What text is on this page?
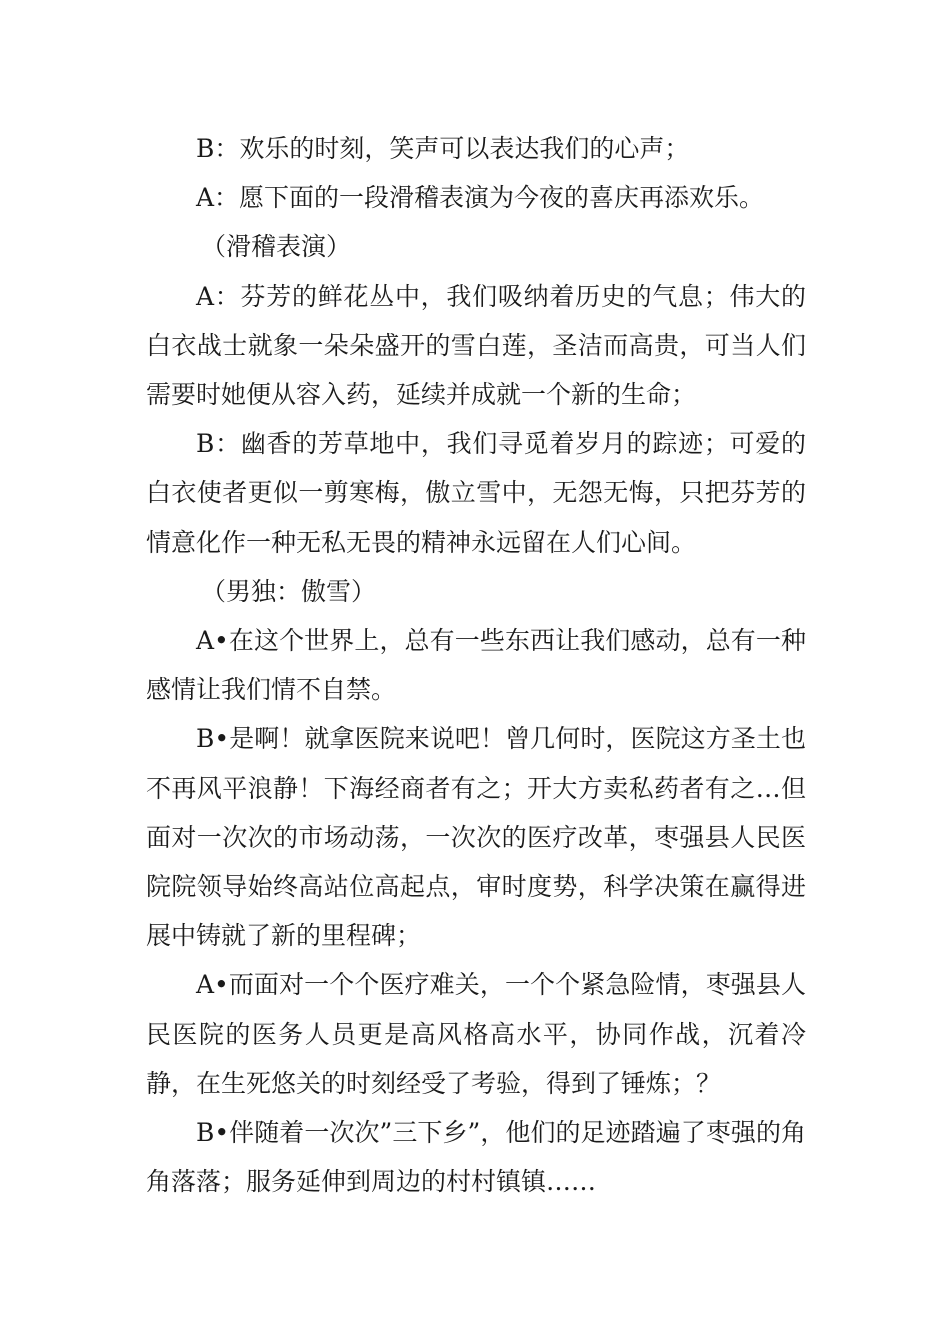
B：欢乐的时刻，笑声可以表达我们的心声；

A：愿下面的一段滑稽表演为今夜的喜庆再添欢乐。

（滑稽表演）

A：芬芳的鲜花丛中，我们吸纳着历史的气息；伟大的白衣战士就象一朵朵盛开的雪白莲，圣洁而高贵，可当人们需要时她便从容入药，延续并成就一个新的生命；

B：幽香的芳草地中，我们寻觅着岁月的踪迹；可爱的白衣使者更似一剪寒梅，傲立雪中，无怨无悔，只把芬芳的情意化作一种无私无畏的精神永远留在人们心间。

（男独：傲雪）

A•在这个世界上，总有一些东西让我们感动，总有一种感情让我们情不自禁。

B•是啊！就拿医院来说吧！曾几何时，医院这方圣土也不再风平浪静！下海经商者有之；开大方卖私药者有之…但面对一次次的市场动荡，一次次的医疗改革，枣强县人民医院院领导始终高站位高起点，审时度势，科学决策在赢得进展中铸就了新的里程碑；

A•而面对一个个医疗难关，一个个紧急险情，枣强县人民医院的医务人员更是高风格高水平，协同作战，沉着冷静，在生死悠关的时刻经受了考验，得到了锤炼；？

B•伴随着一次次”三下乡”，他们的足迹踏遍了枣强的角角落落；服务延伸到周边的村村镇镇……
